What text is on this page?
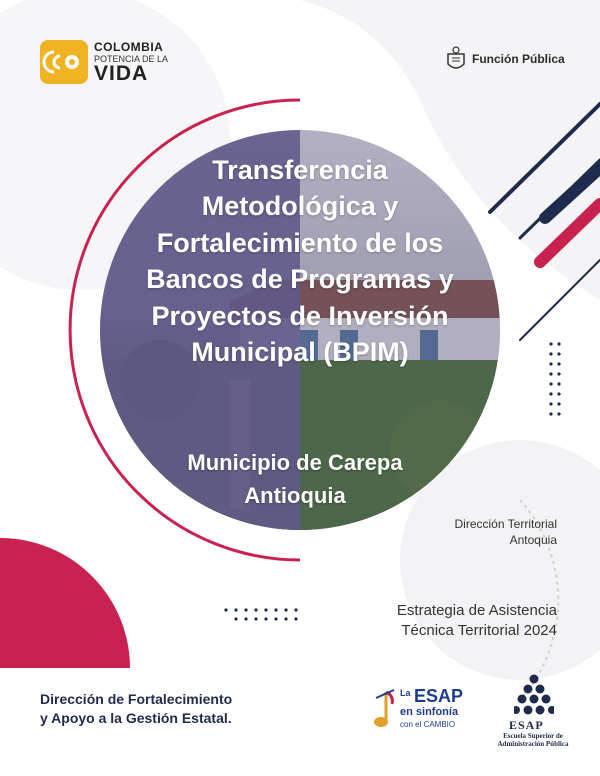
COLOMBIA
POTENCIA DE LA
VIDA
Función Pública
Transferencia
Metodológica y
Fortalecimiento de los
Bancos de Programas y
Proyectos de Inversión
Municipal (BPIM)
Municipio de Carepa
Antioquia
Dirección Territorial
Antoquia
Estrategia de Asistencia
Técnica Territorial 2024
Dirección de Fortalecimiento
y Apoyo a la Gestión Estatal.
La ESAP
en sinfonía
con el CAMBIO	ESAP
Escuela Superior de
Administración Pública
